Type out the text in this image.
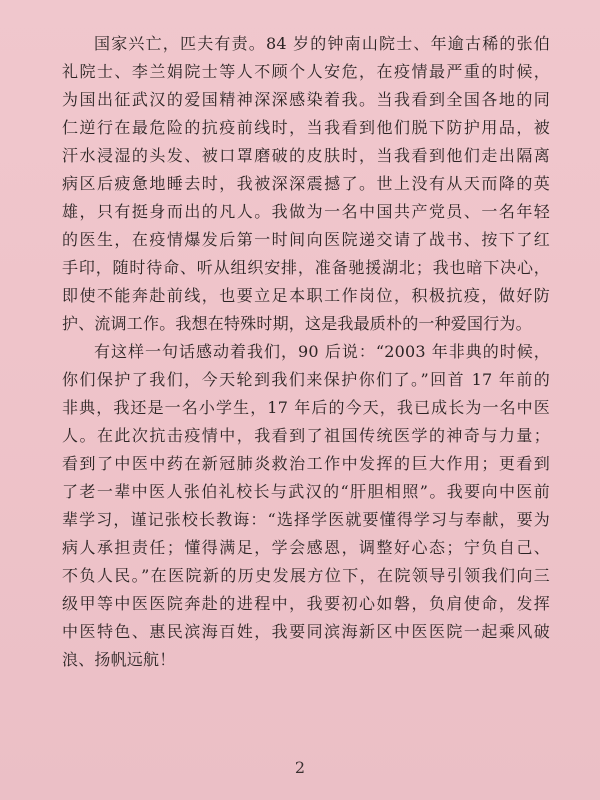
国家兴亡，匹夫有责。84 岁的钟南山院士、年逾古稀的张伯
礼院士、李兰娟院士等人不顾个人安危，在疫情最严重的时候，
为国出征武汉的爱国精神深深感染着我。当我看到全国各地的同
仁逆行在最危险的抗疫前线时，当我看到他们脱下防护用品，被
汗水浸湿的头发、被口罩磨破的皮肤时，当我看到他们走出隔离
病区后疲惫地睡去时，我被深深震撼了。世上没有从天而降的英
雄，只有挺身而出的凡人。我做为一名中国共产党员、一名年轻
的医生，在疫情爆发后第一时间向医院递交请了战书、按下了红
手印，随时待命、听从组织安排，准备驰援湖北；我也暗下决心，
即使不能奔赴前线，也要立足本职工作岗位，积极抗疫，做好防
护、流调工作。我想在特殊时期，这是我最质朴的一种爱国行为。
有这样一句话感动着我们，90 后说：“2003 年非典的时候，
你们保护了我们，今天轮到我们来保护你们了。”回首 17 年前的
非典，我还是一名小学生，17 年后的今天，我已成长为一名中医
人。在此次抗击疫情中，我看到了祖国传统医学的神奇与力量；
看到了中医中药在新冠肺炎救治工作中发挥的巨大作用；更看到
了老一辈中医人张伯礼校长与武汉的“肝胆相照”。我要向中医前
辈学习，谨记张校长教诲：“选择学医就要懂得学习与奉献，要为
病人承担责任；懂得满足，学会感恩，调整好心态；宁负自己、
不负人民。”在医院新的历史发展方位下，在院领导引领我们向三
级甲等中医医院奔赴的进程中，我要初心如磐，负肩使命，发挥
中医特色、惠民滨海百姓，我要同滨海新区中医医院一起乘风破
浪、扬帆远航！
2
